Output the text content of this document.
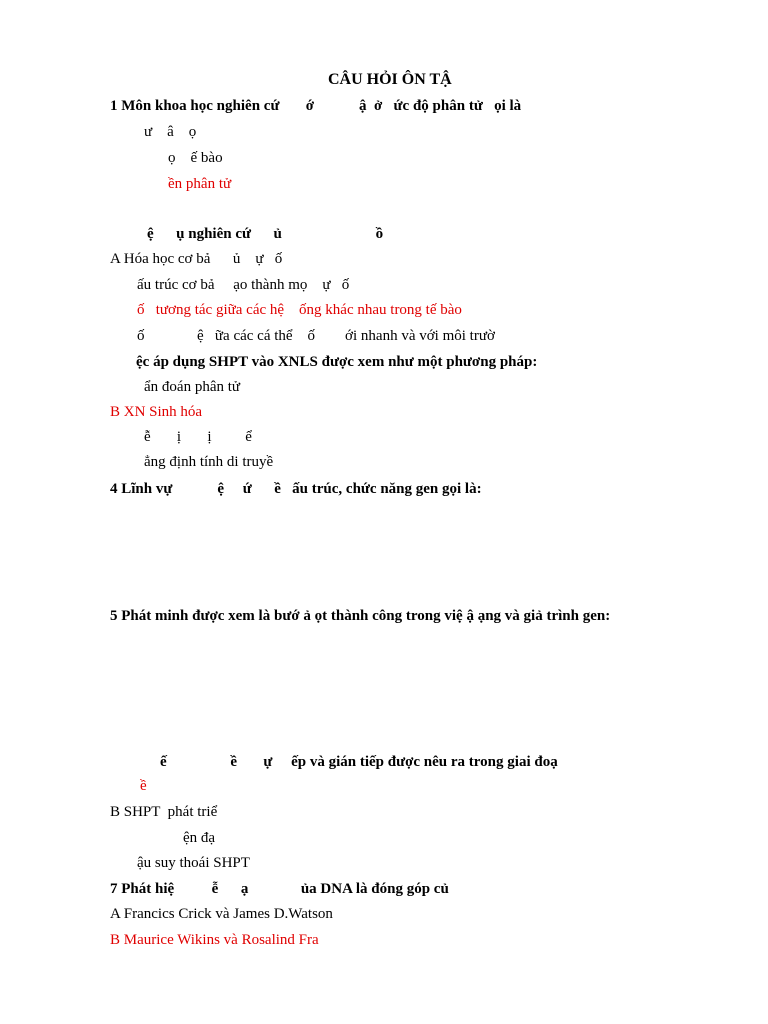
CÂU HỎI ÔN TẬ
1 Môn khoa học nghiên cứ       ớ            ậ  ở   ức độ phân tử   ọi là
ư    â    ọ
ọ    ế bào
ền phân tử
ệ      ụ nghiên cứ      ủ                         ồ
A Hóa học cơ bả      ủ    ự   ố
ấu trúc cơ bả     ạo thành mọ    ự   ố
ố   tương tác giữa các hệ    ống khác nhau trong tế bào
ố              ệ   ữa các cá thể    ố        ới nhanh và với môi trườ
ệc áp dụng SHPT vào XNLS được xem như một phương pháp:
ẩn đoán phân tử
B XN Sinh hóa
ễ       ị       ị         ể
ẳng định tính di truyề
4 Lĩnh vự            ệ     ứ      ề   ấu trúc, chức năng gen gọi là:
5 Phát minh được xem là bướ ả ọt thành công trong việ ậ ạng và giả trình gen:
ế                 ề       ự     ếp và gián tiếp được nêu ra trong giai đoạ
ề
B SHPT  phát triể
ện đạ
ậu suy thoái SHPT
7 Phát hiệ          ễ      ạ              ủa DNA là đóng góp củ
A Francics Crick và James D.Watson
B Maurice Wikins và Rosalind Fra
